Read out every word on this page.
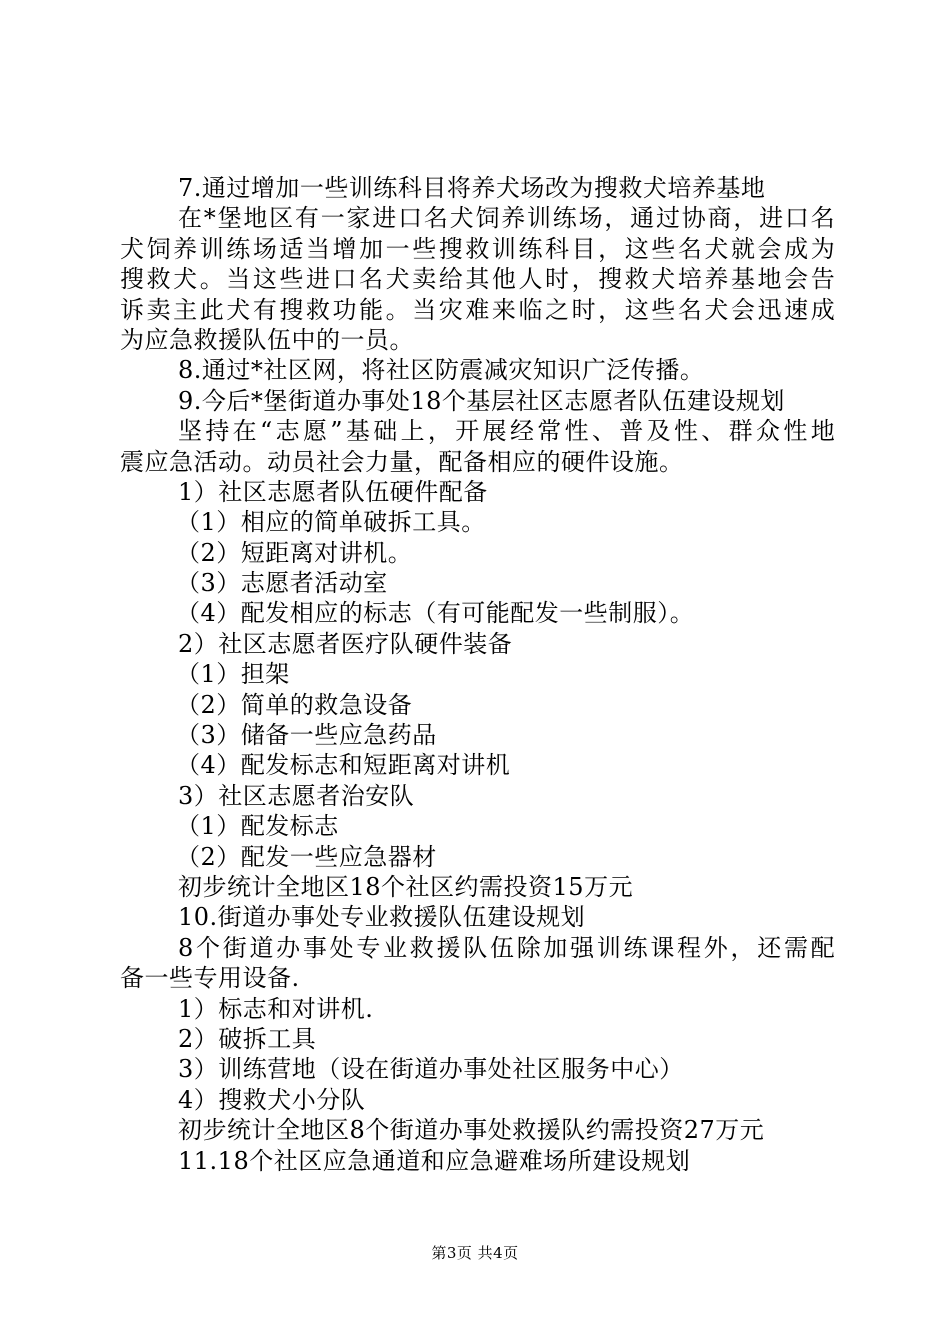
7.通过增加一些训练科目将养犬场改为搜救犬培养基地
在*堡地区有一家进口名犬饲养训练场，通过协商，进口名
犬饲养训练场适当增加一些搜救训练科目，这些名犬就会成为
搜救犬。当这些进口名犬卖给其他人时，搜救犬培养基地会告
诉卖主此犬有搜救功能。当灾难来临之时，这些名犬会迅速成
为应急救援队伍中的一员。
8.通过*社区网，将社区防震减灾知识广泛传播。
9.今后*堡街道办事处18个基层社区志愿者队伍建设规划
坚持在“志愿”基础上，开展经常性、普及性、群众性地
震应急活动。动员社会力量，配备相应的硬件设施。
1）社区志愿者队伍硬件配备
（1）相应的简单破拆工具。
（2）短距离对讲机。
（3）志愿者活动室
（4）配发相应的标志（有可能配发一些制服）。
2）社区志愿者医疗队硬件装备
（1）担架
（2）简单的救急设备
（3）储备一些应急药品
（4）配发标志和短距离对讲机
3）社区志愿者治安队
（1）配发标志
（2）配发一些应急器材
初步统计全地区18个社区约需投资15万元
10.街道办事处专业救援队伍建设规划
8个街道办事处专业救援队伍除加强训练课程外，还需配
备一些专用设备.
1）标志和对讲机.
2）破拆工具
3）训练营地（设在街道办事处社区服务中心）
4）搜救犬小分队
初步统计全地区8个街道办事处救援队约需投资27万元
11.18个社区应急通道和应急避难场所建设规划
第3页 共4页
